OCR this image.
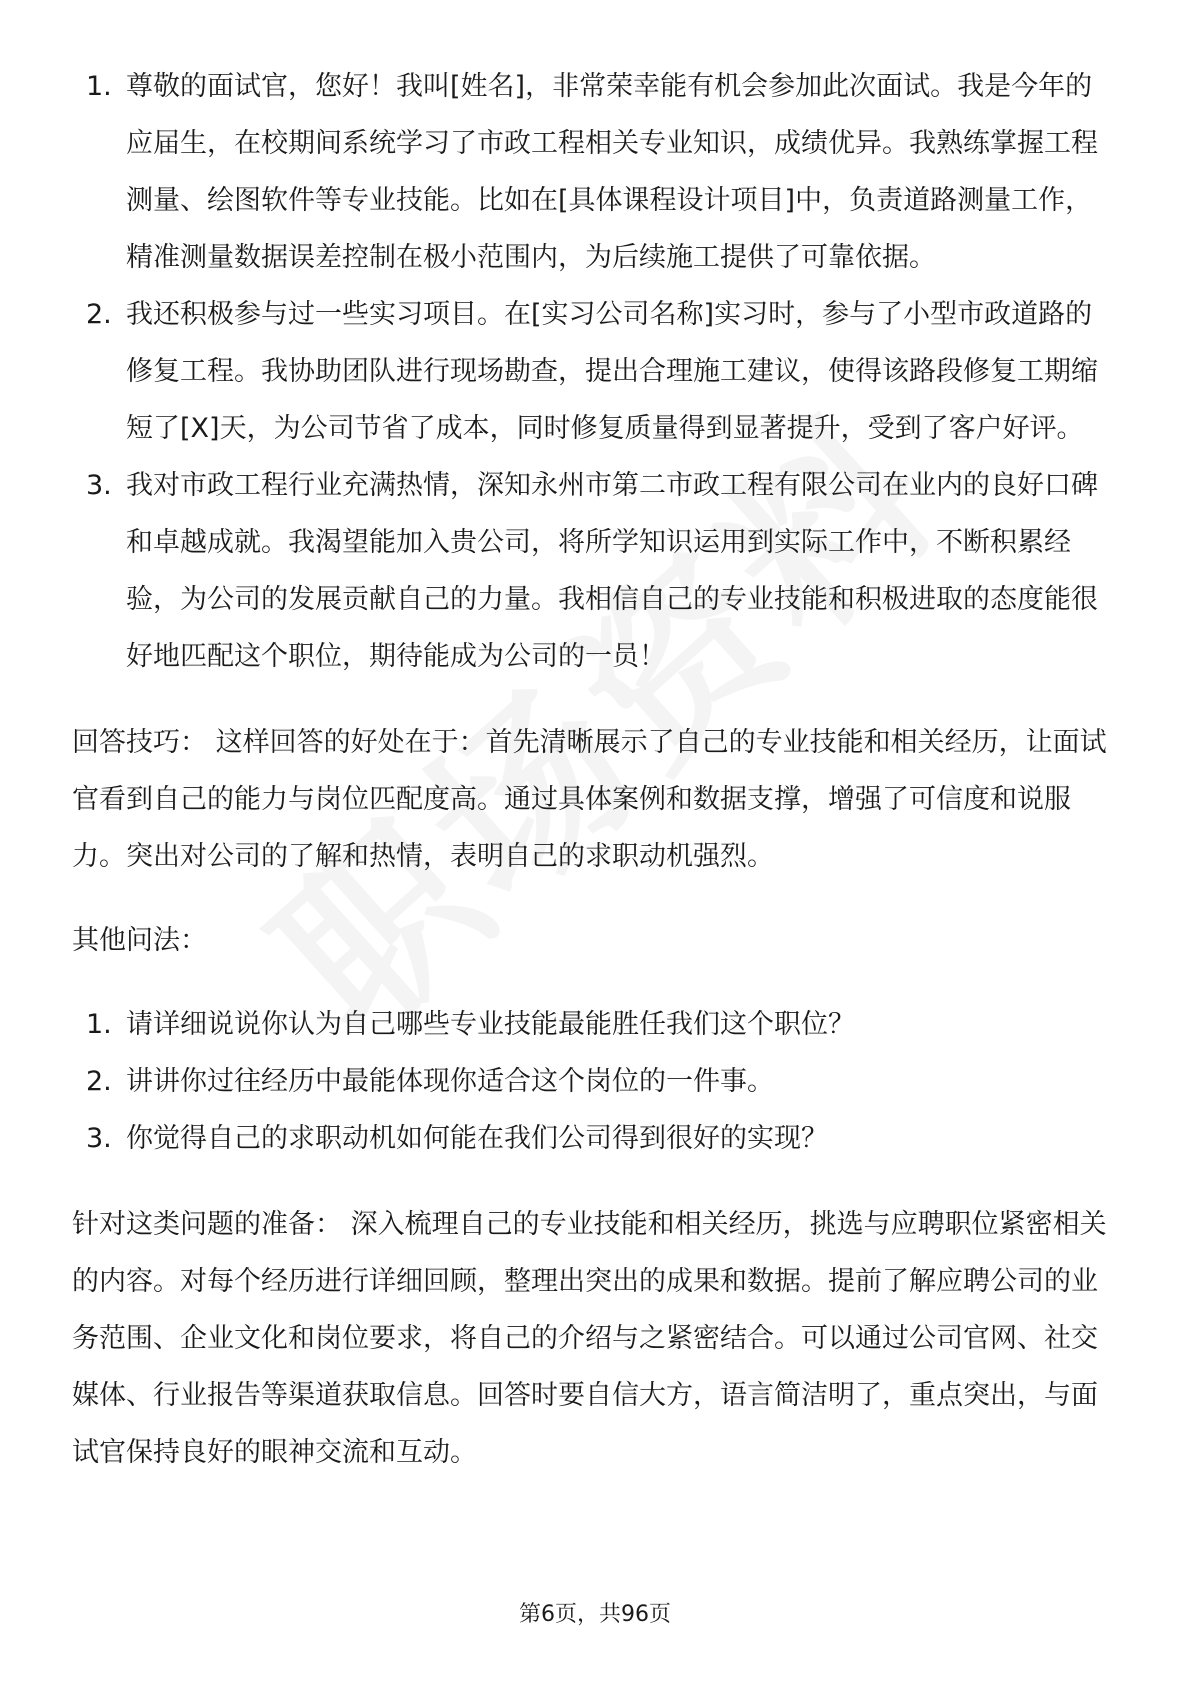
1. 尊敬的面试官，您好！我叫[姓名]，非常荣幸能有机会参加此次面试。我是今年的应届生，在校期间系统学习了市政工程相关专业知识，成绩优异。我熟练掌握工程测量、绘图软件等专业技能。比如在[具体课程设计项目]中，负责道路测量工作，精准测量数据误差控制在极小范围内，为后续施工提供了可靠依据。
2. 我还积极参与过一些实习项目。在[实习公司名称]实习时，参与了小型市政道路的修复工程。我协助团队进行现场勘查，提出合理施工建议，使得该路段修复工期缩短了[X]天，为公司节省了成本，同时修复质量得到显著提升，受到了客户好评。
3. 我对市政工程行业充满热情，深知永州市第二市政工程有限公司在业内的良好口碑和卓越成就。我渴望能加入贵公司，将所学知识运用到实际工作中，不断积累经验，为公司的发展贡献自己的力量。我相信自己的专业技能和积极进取的态度能很好地匹配这个职位，期待能成为公司的一员！

回答技巧： 这样回答的好处在于：首先清晰展示了自己的专业技能和相关经历，让面试官看到自己的能力与岗位匹配度高。通过具体案例和数据支撑，增强了可信度和说服力。突出对公司的了解和热情，表明自己的求职动机强烈。

其他问法：

1. 请详细说说你认为自己哪些专业技能最能胜任我们这个职位？
2. 讲讲你过往经历中最能体现你适合这个岗位的一件事。
3. 你觉得自己的求职动机如何能在我们公司得到很好的实现？

针对这类问题的准备： 深入梳理自己的专业技能和相关经历，挑选与应聘职位紧密相关的内容。对每个经历进行详细回顾，整理出突出的成果和数据。提前了解应聘公司的业务范围、企业文化和岗位要求，将自己的介绍与之紧密结合。可以通过公司官网、社交媒体、行业报告等渠道获取信息。回答时要自信大方，语言简洁明了，重点突出，与面试官保持良好的眼神交流和互动。

第6页，共96页
